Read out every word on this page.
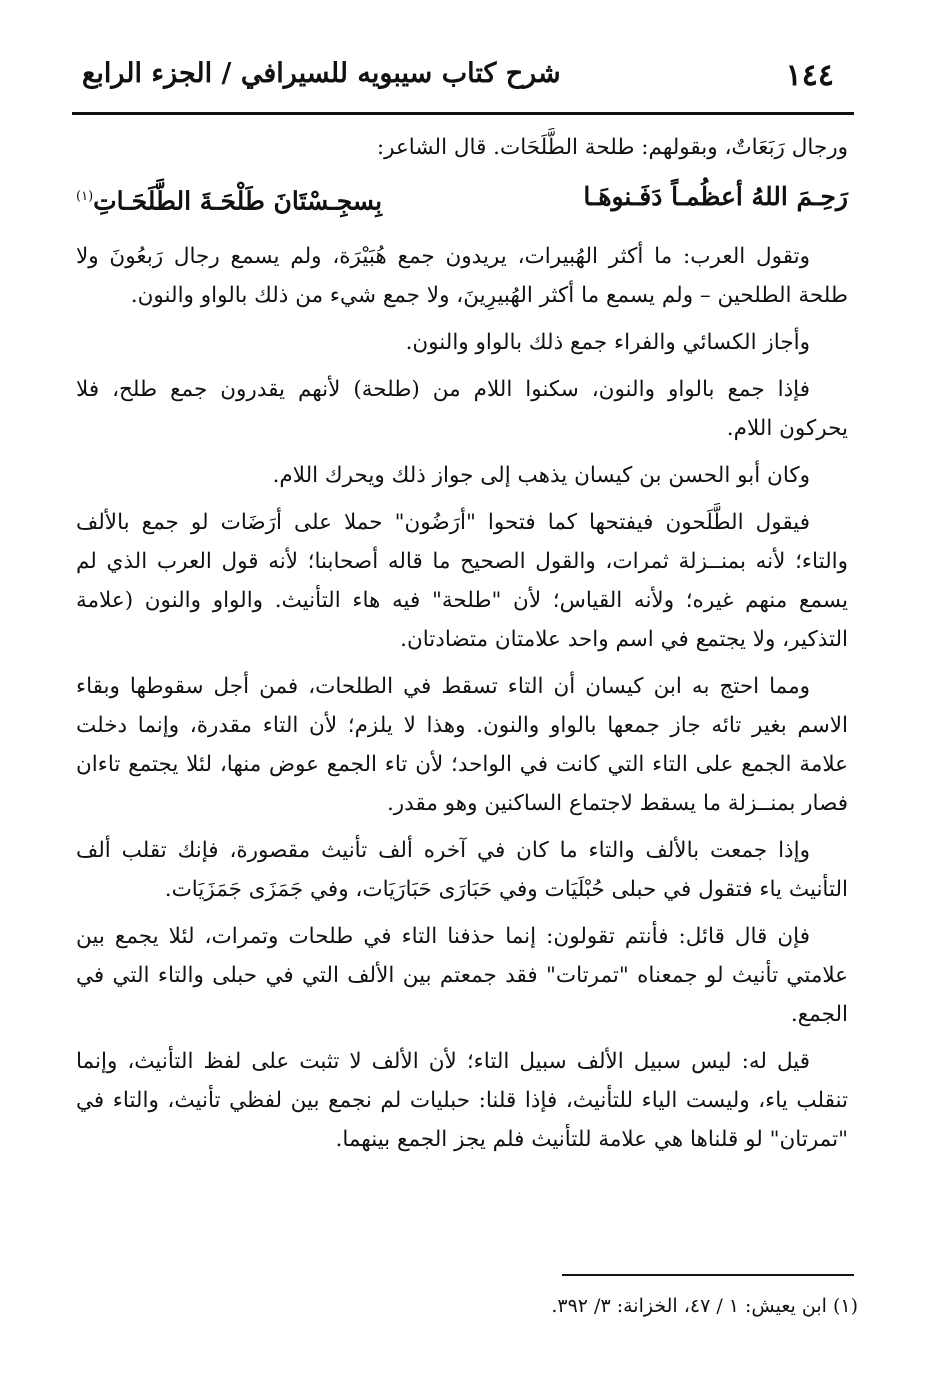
١٤٤
شرح كتاب سيبويه للسيرافي / الجزء الرابع

ورجال رَبَعَاتٌ، وبقولهم: طلحة الطَّلَحَات. قال الشاعر:

رَحِـمَ اللهُ أعظُمـاً دَفَـنوهَـا
بِسجِـسْتَانَ طَلْحَـةَ الطَّلَحَـاتِ$^{(١)}$

وتقول العرب: ما أكثر الهُبيرات، يريدون جمع هُبَيْرَة، ولم يسمع رجال رَبعُونَ ولا طلحة الطلحين – ولم يسمع ما أكثر الهُبيرِينَ، ولا جمع شيء من ذلك بالواو والنون.

وأجاز الكسائي والفراء جمع ذلك بالواو والنون.

فإذا جمع بالواو والنون، سكنوا اللام من (طلحة) لأنهم يقدرون جمع طلح، فلا يحركون اللام.

وكان أبو الحسن بن كيسان يذهب إلى جواز ذلك ويحرك اللام.

فيقول الطَّلَحون فيفتحها كما فتحوا "أرَضُون" حملا على أرَضَات لو جمع بالألف والتاء؛ لأنه بمنــزلة ثمرات، والقول الصحيح ما قاله أصحابنا؛ لأنه قول العرب الذي لم يسمع منهم غيره؛ ولأنه القياس؛ لأن "طلحة" فيه هاء التأنيث. والواو والنون (علامة التذكير، ولا يجتمع في اسم واحد علامتان متضادتان.

ومما احتج به ابن كيسان أن التاء تسقط في الطلحات، فمن أجل سقوطها وبقاء الاسم بغير تائه جاز جمعها بالواو والنون. وهذا لا يلزم؛ لأن التاء مقدرة، وإنما دخلت علامة الجمع على التاء التي كانت في الواحد؛ لأن تاء الجمع عوض منها، لئلا يجتمع تاءان فصار بمنــزلة ما يسقط لاجتماع الساكنين وهو مقدر.

وإذا جمعت بالألف والتاء ما كان في آخره ألف تأنيث مقصورة، فإنك تقلب ألف التأنيث ياء فتقول في حبلى حُبْلَيَات وفي حَبَارَى حَبَارَيَات، وفي جَمَزَى جَمَزَيَات.

فإن قال قائل: فأنتم تقولون: إنما حذفنا التاء في طلحات وتمرات، لئلا يجمع بين علامتي تأنيث لو جمعناه "تمرتات" فقد جمعتم بين الألف التي في حبلى والتاء التي في الجمع.

قيل له: ليس سبيل الألف سبيل التاء؛ لأن الألف لا تثبت على لفظ التأنيث، وإنما تنقلب ياء، وليست الياء للتأنيث، فإذا قلنا: حبليات لم نجمع بين لفظي تأنيث، والتاء في "تمرتان" لو قلناها هي علامة للتأنيث فلم يجز الجمع بينهما.

(١) ابن يعيش: ١ / ٤٧، الخزانة: ٣/ ٣٩٢.
